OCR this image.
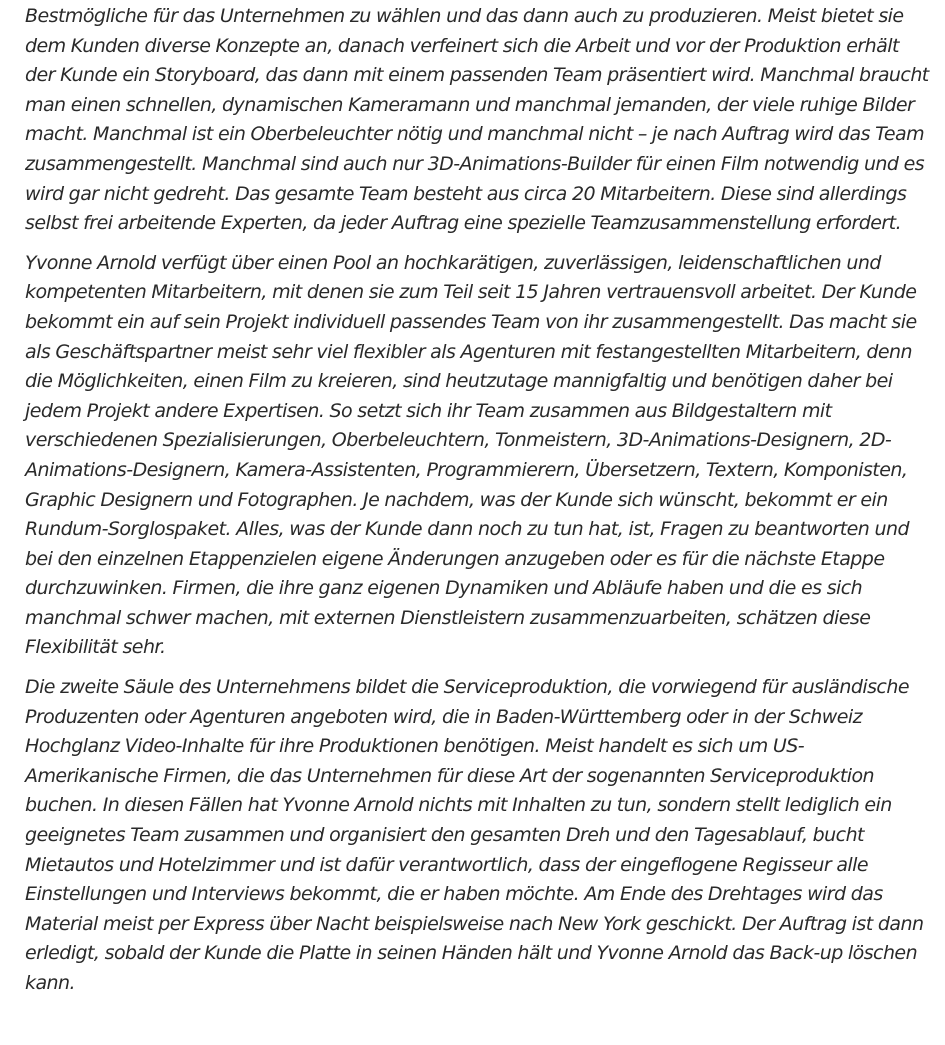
Bestmögliche für das Unternehmen zu wählen und das dann auch zu produzieren. Meist bietet sie dem Kunden diverse Konzepte an, danach verfeinert sich die Arbeit und vor der Produktion erhält der Kunde ein Storyboard, das dann mit einem passenden Team präsentiert wird. Manchmal braucht man einen schnellen, dynamischen Kameramann und manchmal jemanden, der viele ruhige Bilder macht. Manchmal ist ein Oberbeleuchter nötig und manchmal nicht – je nach Auftrag wird das Team zusammengestellt. Manchmal sind auch nur 3D-Animations-Builder für einen Film notwendig und es wird gar nicht gedreht. Das gesamte Team besteht aus circa 20 Mitarbeitern. Diese sind allerdings selbst frei arbeitende Experten, da jeder Auftrag eine spezielle Teamzusammenstellung erfordert.

Yvonne Arnold verfügt über einen Pool an hochkarätigen, zuverlässigen, leidenschaftlichen und kompetenten Mitarbeitern, mit denen sie zum Teil seit 15 Jahren vertrauensvoll arbeitet. Der Kunde bekommt ein auf sein Projekt individuell passendes Team von ihr zusammengestellt. Das macht sie als Geschäftspartner meist sehr viel flexibler als Agenturen mit festangestellten Mitarbeitern, denn die Möglichkeiten, einen Film zu kreieren, sind heutzutage mannigfaltig und benötigen daher bei jedem Projekt andere Expertisen. So setzt sich ihr Team zusammen aus Bildgestaltern mit verschiedenen Spezialisierungen, Oberbeleuchtern, Tonmeistern, 3D-Animations-Designern, 2D-Animations-Designern, Kamera-Assistenten, Programmierern, Übersetzern, Textern, Komponisten, Graphic Designern und Fotographen. Je nachdem, was der Kunde sich wünscht, bekommt er ein Rundum-Sorglospaket. Alles, was der Kunde dann noch zu tun hat, ist, Fragen zu beantworten und bei den einzelnen Etappenzielen eigene Änderungen anzugeben oder es für die nächste Etappe durchzuwinken. Firmen, die ihre ganz eigenen Dynamiken und Abläufe haben und die es sich manchmal schwer machen, mit externen Dienstleistern zusammenzuarbeiten, schätzen diese Flexibilität sehr.

Die zweite Säule des Unternehmens bildet die Serviceproduktion, die vorwiegend für ausländische Produzenten oder Agenturen angeboten wird, die in Baden-Württemberg oder in der Schweiz Hochglanz Video-Inhalte für ihre Produktionen benötigen. Meist handelt es sich um US-Amerikanische Firmen, die das Unternehmen für diese Art der sogenannten Serviceproduktion buchen. In diesen Fällen hat Yvonne Arnold nichts mit Inhalten zu tun, sondern stellt lediglich ein geeignetes Team zusammen und organisiert den gesamten Dreh und den Tagesablauf, bucht Mietautos und Hotelzimmer und ist dafür verantwortlich, dass der eingeflogene Regisseur alle Einstellungen und Interviews bekommt, die er haben möchte. Am Ende des Drehtages wird das Material meist per Express über Nacht beispielsweise nach New York geschickt. Der Auftrag ist dann erledigt, sobald der Kunde die Platte in seinen Händen hält und Yvonne Arnold das Back-up löschen kann.
